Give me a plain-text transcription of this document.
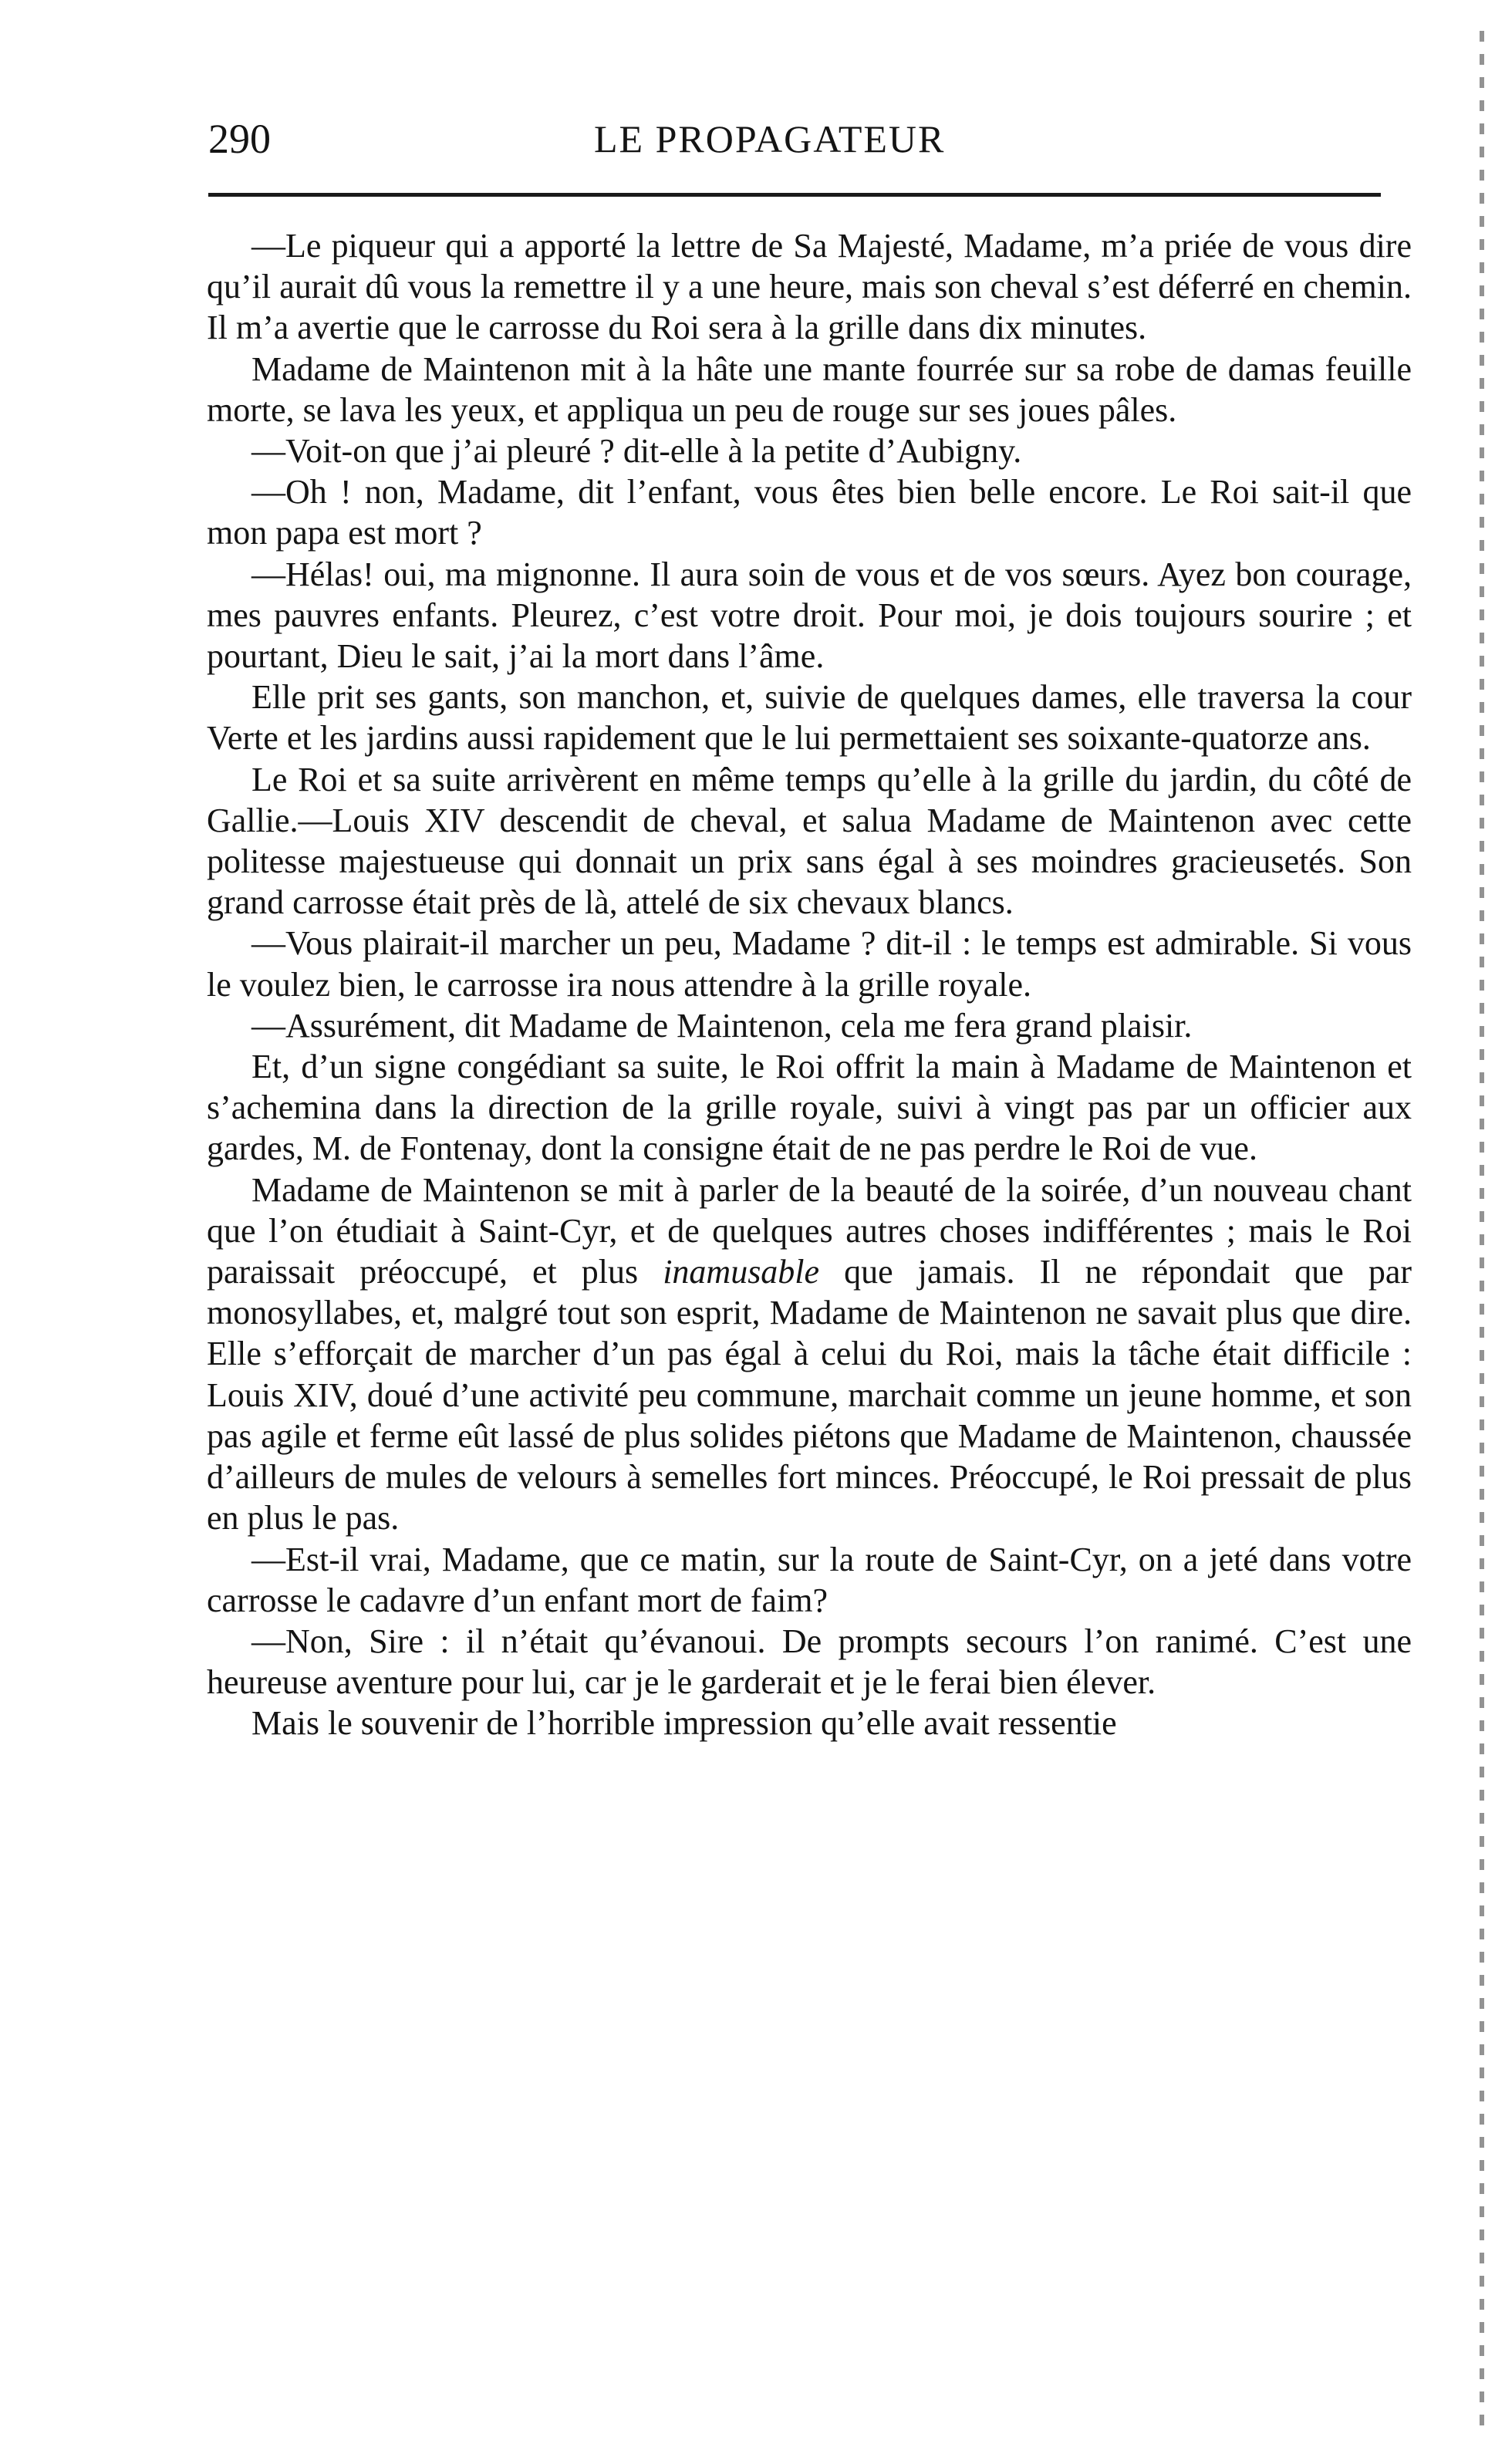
290	LE PROPAGATEUR

—Le piqueur qui a apporté la lettre de Sa Majesté, Madame, m’a priée de vous dire qu’il aurait dû vous la remettre il y a une heure, mais son cheval s’est déferré en chemin. Il m’a avertie que le carrosse du Roi sera à la grille dans dix minutes.

Madame de Maintenon mit à la hâte une mante fourrée sur sa robe de damas feuille morte, se lava les yeux, et appliqua un peu de rouge sur ses joues pâles.

—Voit-on que j’ai pleuré ? dit-elle à la petite d’Aubigny.

—Oh ! non, Madame, dit l’enfant, vous êtes bien belle encore. Le Roi sait-il que mon papa est mort ?

—Hélas! oui, ma mignonne. Il aura soin de vous et de vos sœurs. Ayez bon courage, mes pauvres enfants. Pleurez, c’est votre droit. Pour moi, je dois toujours sourire ; et pourtant, Dieu le sait, j’ai la mort dans l’âme.

Elle prit ses gants, son manchon, et, suivie de quelques dames, elle traversa la cour Verte et les jardins aussi rapidement que le lui permettaient ses soixante-quatorze ans.

Le Roi et sa suite arrivèrent en même temps qu’elle à la grille du jardin, du côté de Gallie.—Louis XIV descendit de cheval, et salua Madame de Maintenon avec cette politesse majestueuse qui donnait un prix sans égal à ses moindres gracieusetés. Son grand carrosse était près de là, attelé de six chevaux blancs.

—Vous plairait-il marcher un peu, Madame ? dit-il : le temps est admirable. Si vous le voulez bien, le carrosse ira nous attendre à la grille royale.

—Assurément, dit Madame de Maintenon, cela me fera grand plaisir.

Et, d’un signe congédiant sa suite, le Roi offrit la main à Madame de Maintenon et s’achemina dans la direction de la grille royale, suivi à vingt pas par un officier aux gardes, M. de Fontenay, dont la consigne était de ne pas perdre le Roi de vue.

Madame de Maintenon se mit à parler de la beauté de la soirée, d’un nouveau chant que l’on étudiait à Saint-Cyr, et de quelques autres choses indifférentes ; mais le Roi paraissait préoccupé, et plus inamusable que jamais. Il ne répondait que par monosyllabes, et, malgré tout son esprit, Madame de Maintenon ne savait plus que dire. Elle s’efforçait de marcher d’un pas égal à celui du Roi, mais la tâche était difficile : Louis XIV, doué d’une activité peu commune, marchait comme un jeune homme, et son pas agile et ferme eût lassé de plus solides piétons que Madame de Maintenon, chaussée d’ailleurs de mules de velours à semelles fort minces. Préoccupé, le Roi pressait de plus en plus le pas.

—Est-il vrai, Madame, que ce matin, sur la route de Saint-Cyr, on a jeté dans votre carrosse le cadavre d’un enfant mort de faim?

—Non, Sire : il n’était qu’évanoui. De prompts secours l’on ranimé. C’est une heureuse aventure pour lui, car je le garderait et je le ferai bien élever.

Mais le souvenir de l’horrible impression qu’elle avait ressentie
